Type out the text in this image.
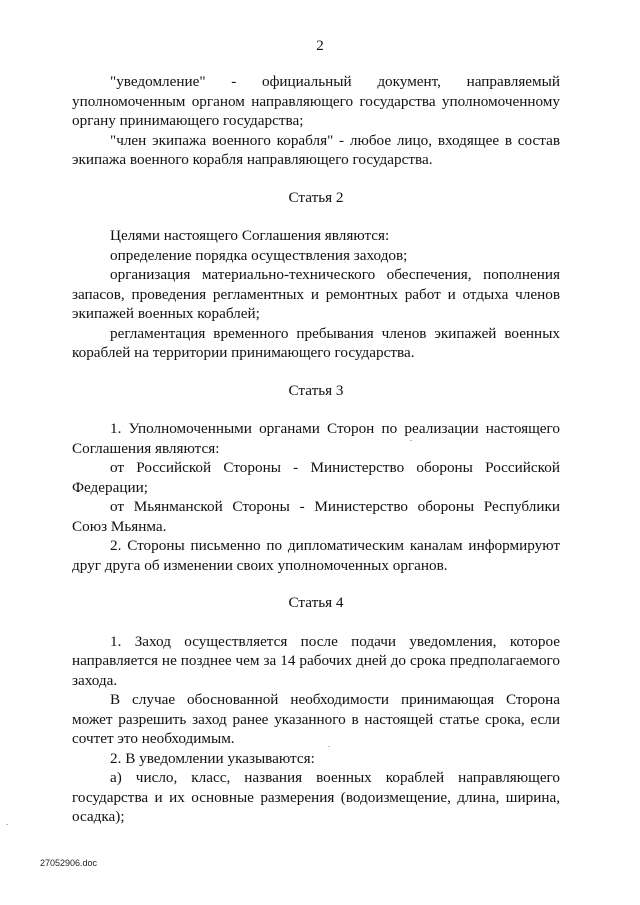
2

"уведомление"   -   официальный   документ,   направляемый уполномоченным органом направляющего государства уполномоченному органу принимающего государства;

"член экипажа военного корабля" - любое лицо, входящее в состав экипажа военного корабля направляющего государства.

Статья 2

Целями настоящего Соглашения являются:

определение порядка осуществления заходов;

организация материально-технического обеспечения, пополнения запасов, проведения регламентных и ремонтных работ и отдыха членов экипажей военных кораблей;

регламентация временного пребывания членов экипажей военных кораблей на территории принимающего государства.

Статья 3

1. Уполномоченными органами Сторон по реализации настоящего Соглашения являются:

от Российской Стороны - Министерство обороны Российской Федерации;

от Мьянманской Стороны - Министерство обороны Республики Союз Мьянма.

2. Стороны письменно по дипломатическим каналам информируют друг друга об изменении своих уполномоченных органов.

Статья 4

1. Заход осуществляется после подачи уведомления, которое направляется не позднее чем за 14 рабочих дней до срока предполагаемого захода.

В случае обоснованной необходимости принимающая Сторона может разрешить заход ранее указанного в настоящей статье срока, если сочтет это необходимым.

2. В уведомлении указываются:

а) число, класс, названия военных кораблей направляющего государства и их основные размерения (водоизмещение, длина, ширина, осадка);

27052906.doc
